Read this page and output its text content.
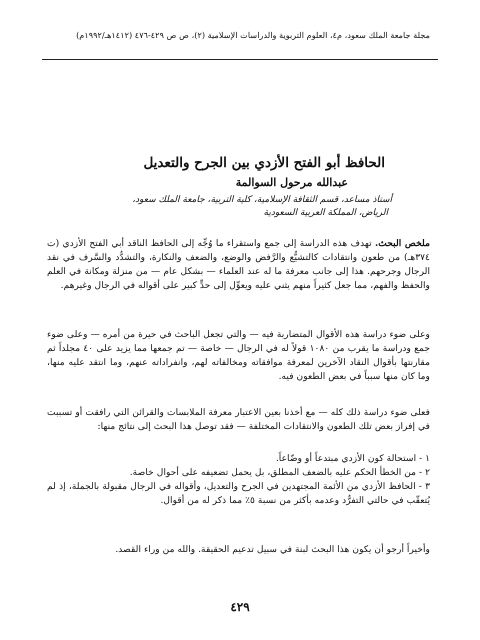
مجلة جامعة الملك سعود، م٤، العلوم التربوية والدراسات الإسلامية (٢)، ص ص ٤٢٩-٤٧٦ (١٤١٢هـ/١٩٩٢م)
الحافظ أبو الفتح الأزدي بين الجرح والتعديل
عبدالله مرحول السوالمة
أستاذ مساعد، قسم الثقافة الإسلامية، كلية التربية، جامعة الملك سعود،
الرياض، المملكة العربية السعودية
ملخص البحث. تهدف هذه الدراسة إلى جمع واستقراء ما وُجِّه إلى الحافظ الناقد أبي الفتح الأزدي (ت ٣٧٤هـ) من طعون وانتقادات كالتشيُّع والرَّفض والوضع، والضعف والنكارة، والتشدُّد والسَّرف في نقد الرجال وجرحهم. هذا إلى جانب معرفة ما له عند العلماء — بشكل عام — من منزلة ومكانة في العلم والحفظ والفهم، مما جعل كثيراً منهم يثني عليه ويعوِّل إلى حدٍّ كبير على أقواله في الرجال وغيرهم.
وعلى ضوء دراسة هذه الأقوال المتضاربة فيه — والتي تجعل الباحث في حيرة من أمره — وعلى ضوء جمع ودراسة ما يقرب من ١٠٨٠ قولاً له في الرجال — خاصة — تم جمعها مما يزيد على ٤٠ مجلداً ثم مقارنتها بأقوال النقاد الآخرين لمعرفة موافقاته ومخالفاته لهم، وانفراداته عنهم، وما انتقد عليه منها، وما كان منها سبباً في بعض الطعون فيه.
فعلى ضوء دراسة ذلك كله — مع أخذنا بعين الاعتبار معرفة الملابسات والقرائن التي رافقت أو تسببت في إفراز بعض تلك الطعون والانتقادات المختلفة — فقد توصل هذا البحث إلى نتائج منها:
١ - استحالة كون الأزدي مبتدعاً أو وضّاعاً.
٢ - من الخطأ الحكم عليه بالضعف المطلق، بل يحمل تضعيفه على أحوال خاصة.
٣ - الحافظ الأزدي من الأئمة المجتهدين في الجرح والتعديل، وأقواله في الرجال مقبولة بالجملة، إذ لم يُتعقّب في حالتي التفرُّد وعدمه بأكثر من نسبة ٥٪ مما ذكر له من أقوال.
وأخيراً أرجو أن يكون هذا البحث لبنة في سبيل تدعيم الحقيقة. والله من وراء القصد.
٤٢٩
